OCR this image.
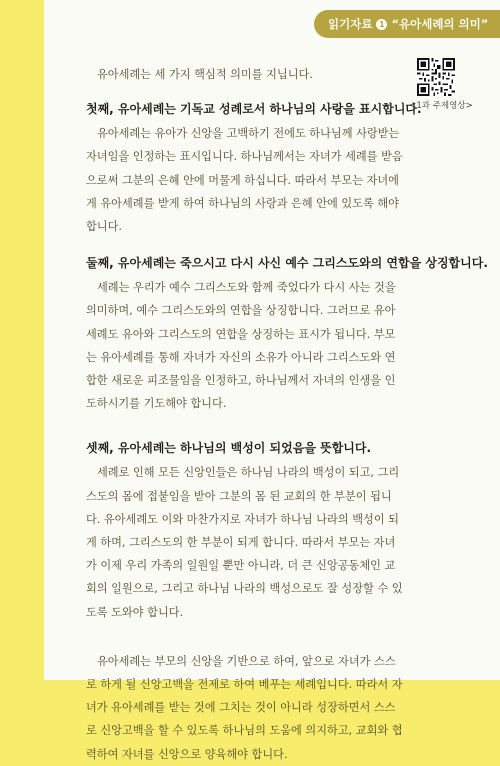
읽기자료 1 “유아세례의 의미”
<1과 주제영상>

유아세례는 세 가지 핵심적 의미를 지닙니다.

첫째, 유아세례는 기독교 성례로서 하나님의 사랑을 표시합니다.

유아세례는 유아가 신앙을 고백하기 전에도 하나님께 사랑받는 자녀임을 인정하는 표시입니다. 하나님께서는 자녀가 세례를 받음으로써 그분의 은혜 안에 머물게 하십니다. 따라서 부모는 자녀에게 유아세례를 받게 하여 하나님의 사랑과 은혜 안에 있도록 해야 합니다.

둘째, 유아세례는 죽으시고 다시 사신 예수 그리스도와의 연합을 상징합니다.

세례는 우리가 예수 그리스도와 함께 죽었다가 다시 사는 것을 의미하며, 예수 그리스도와의 연합을 상징합니다. 그러므로 유아세례도 유아와 그리스도의 연합을 상징하는 표시가 됩니다. 부모는 유아세례를 통해 자녀가 자신의 소유가 아니라 그리스도와 연합한 새로운 피조물임을 인정하고, 하나님께서 자녀의 인생을 인도하시기를 기도해야 합니다.

셋째, 유아세례는 하나님의 백성이 되었음을 뜻합니다.

세례로 인해 모든 신앙인들은 하나님 나라의 백성이 되고, 그리스도의 몸에 접붙임을 받아 그분의 몸 된 교회의 한 부분이 됩니다. 유아세례도 이와 마찬가지로 자녀가 하나님 나라의 백성이 되게 하며, 그리스도의 한 부분이 되게 합니다. 따라서 부모는 자녀가 이제 우리 가족의 일원일 뿐만 아니라, 더 큰 신앙공동체인 교회의 일원으로, 그리고 하나님 나라의 백성으로도 잘 성장할 수 있도록 도와야 합니다.

유아세례는 부모의 신앙을 기반으로 하여, 앞으로 자녀가 스스로 하게 될 신앙고백을 전제로 하여 베푸는 세례입니다. 따라서 자녀가 유아세례를 받는 것에 그치는 것이 아니라 성장하면서 스스로 신앙고백을 할 수 있도록 하나님의 도움에 의지하고, 교회와 협력하여 자녀를 신앙으로 양육해야 합니다.
